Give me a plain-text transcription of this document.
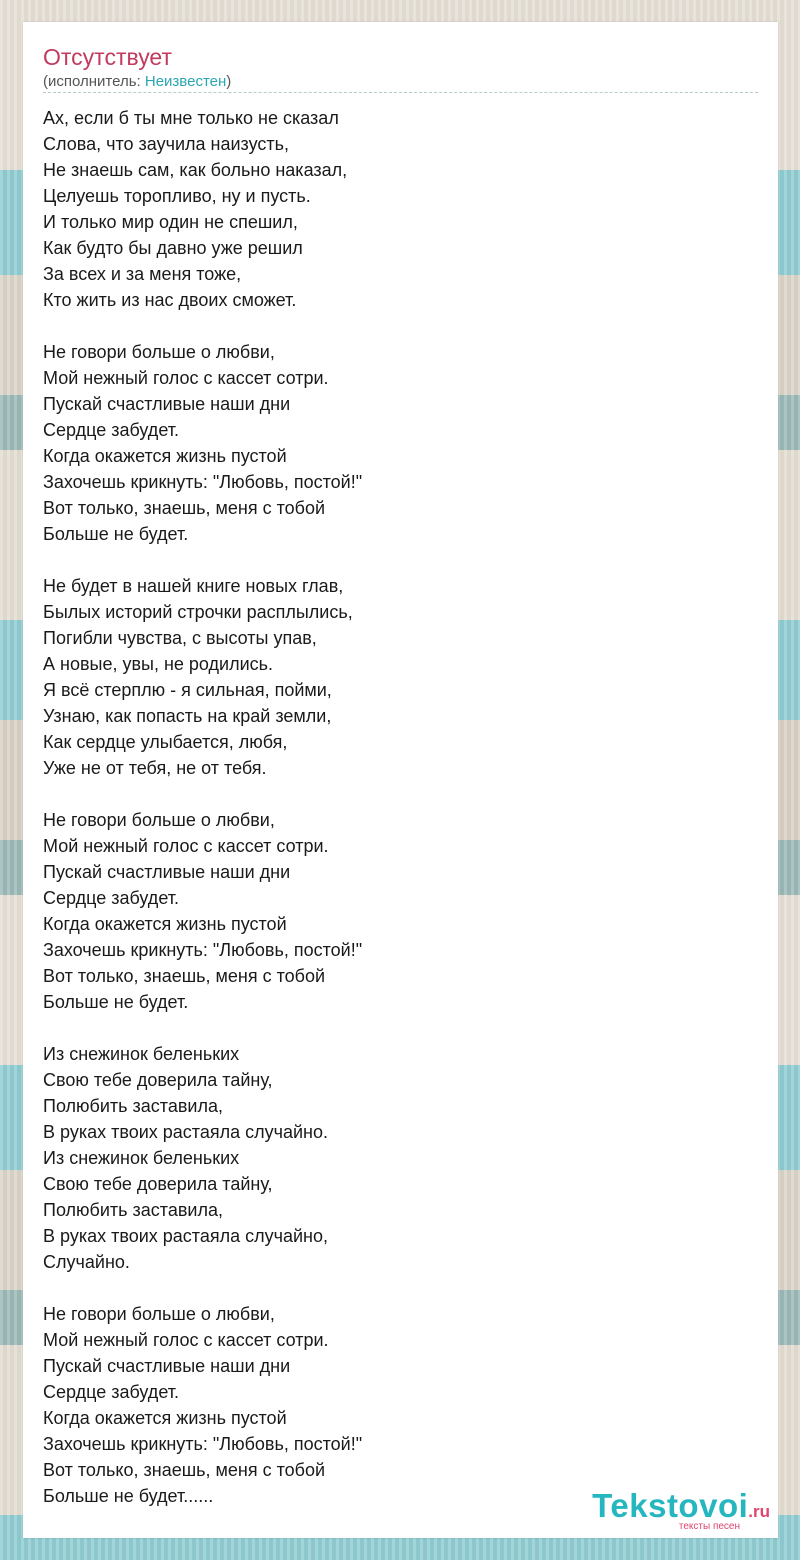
Отсутствует
(исполнитель: Неизвестен)

Ах, если б ты мне только не сказал
Слова, что заучила наизусть,
Не знаешь сам, как больно наказал,
Целуешь торопливо, ну и пусть.
И только мир один не спешил,
Как будто бы давно уже решил
За всех и за меня тоже,
Кто жить из нас двоих сможет.

Не говори больше о любви,
Мой нежный голос с кассет сотри.
Пускай счастливые наши дни
Сердце забудет.
Когда окажется жизнь пустой
Захочешь крикнуть: "Любовь, постой!"
Вот только, знаешь, меня с тобой
Больше не будет.

Не будет в нашей книге новых глав,
Былых историй строчки расплылись,
Погибли чувства, с высоты упав,
А новые, увы, не родились.
Я всё стерплю - я сильная, пойми,
Узнаю, как попасть на край земли,
Как сердце улыбается, любя,
Уже не от тебя, не от тебя.

Не говори больше о любви,
Мой нежный голос с кассет сотри.
Пускай счастливые наши дни
Сердце забудет.
Когда окажется жизнь пустой
Захочешь крикнуть: "Любовь, постой!"
Вот только, знаешь, меня с тобой
Больше не будет.

Из снежинок беленьких
Свою тебе доверила тайну,
Полюбить заставила,
В руках твоих растаяла случайно.
Из снежинок беленьких
Свою тебе доверила тайну,
Полюбить заставила,
В руках твоих растаяла случайно,
Случайно.

Не говори больше о любви,
Мой нежный голос с кассет сотри.
Пускай счастливые наши дни
Сердце забудет.
Когда окажется жизнь пустой
Захочешь крикнуть: "Любовь, постой!"
Вот только, знаешь, меня с тобой
Больше не будет......	Tekstovoi.ru
тексты песен
